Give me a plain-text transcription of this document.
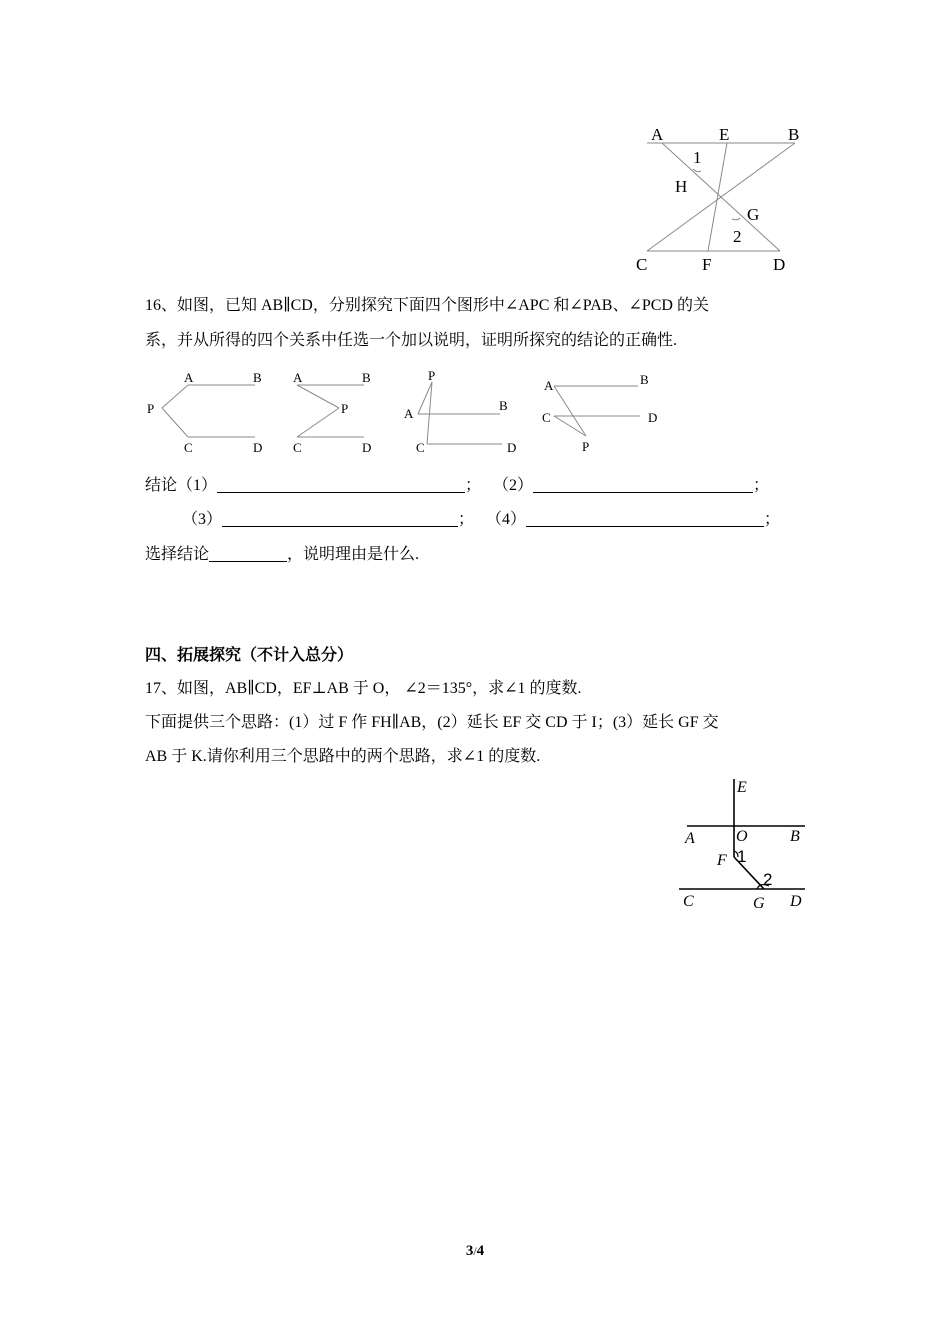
A	E	B
1
H
G
2
C	F	D
16、如图，已知 AB∥CD，分别探究下面四个图形中∠APC 和∠PAB、∠PCD 的关
系，并从所得的四个关系中任选一个加以说明，证明所探究的结论的正确性.
A	B
P
C	D
A	B
P
C	D
P
A
B
C	D
A	B
C	D
P
结论（1）	； （2）	；
（3）	； （4）	；
选择结论	，说明理由是什么.
四、拓展探究（不计入总分）
17、如图，AB∥CD，EF⊥AB 于 O， ∠2＝135°，求∠1 的度数.
下面提供三个思路：(1）过 F 作 FH∥AB，(2）延长 EF 交 CD 于 I；(3）延长 GF 交
AB 于 K.请你利用三个思路中的两个思路，求∠1 的度数.
E
A	O	B
F
C	G D
1
2
3/4
